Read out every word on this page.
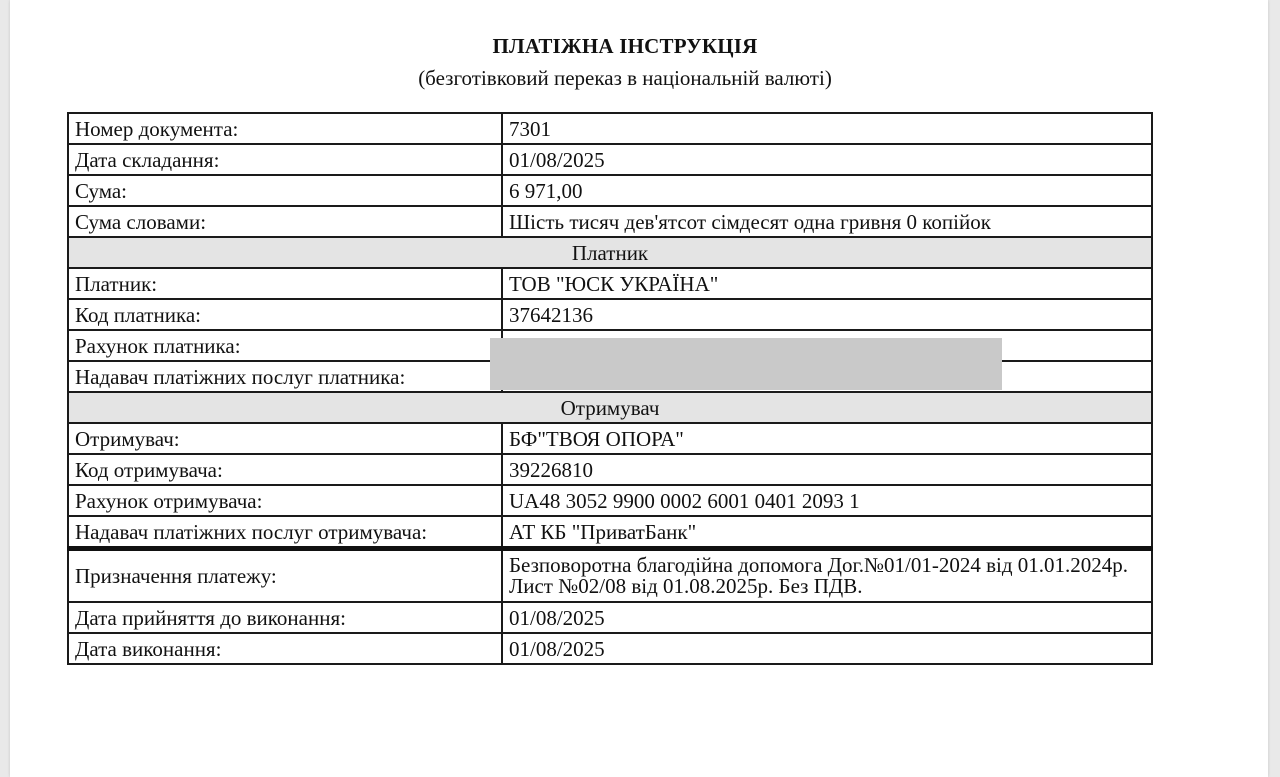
ПЛАТІЖНА ІНСТРУКЦІЯ
(безготівковий переказ в національній валюті)
Номер документа:	7301
Дата складання:	01/08/2025
Сума:	6 971,00
Сума словами:	Шість тисяч дев'ятсот сімдесят одна гривня 0 копійок
Платник	
Платник:	ТОВ "ЮСК УКРАЇНА"
Код платника:	37642136
Рахунок платника:	
Надавач платіжних послуг платника:	
Отримувач	
Отримувач:	БФ"ТВОЯ ОПОРА"
Код отримувача:	39226810
Рахунок отримувача:	UA48 3052 9900 0002 6001 0401 2093 1
Надавач платіжних послуг отримувача:	АТ КБ "ПриватБанк"
Призначення платежу:	Безповоротна благодійна допомога Дог.№01/01-2024 від 01.01.2024р. Лист №02/08 від 01.08.2025р. Без ПДВ.
Дата прийняття до виконання:	01/08/2025
Дата виконання:	01/08/2025
